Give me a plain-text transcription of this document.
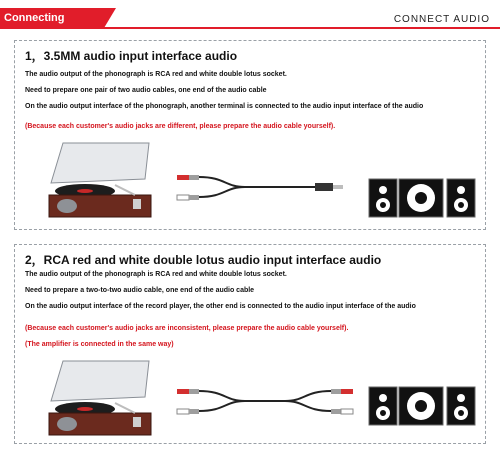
Connecting Speaker
CONNECT AUDIO
1，3.5MM audio input interface audio
The audio output of the phonograph is RCA red and white double lotus socket.
Need to prepare one pair of two audio cables, one end of the audio cable
On the audio output interface of the phonograph, another terminal is connected to the audio input interface of the audio
(Because each customer's audio jacks are different, please prepare the audio cable yourself).
2，RCA red and white double lotus audio input interface audio
The audio output of the phonograph is RCA red and white double lotus socket.
Need to prepare a two-to-two audio cable, one end of the audio cable
On the audio output interface of the record player, the other end is connected to the audio input interface of the audio
(Because each customer's audio jacks are inconsistent, please prepare the audio cable yourself).
(The amplifier is connected in the same way)
